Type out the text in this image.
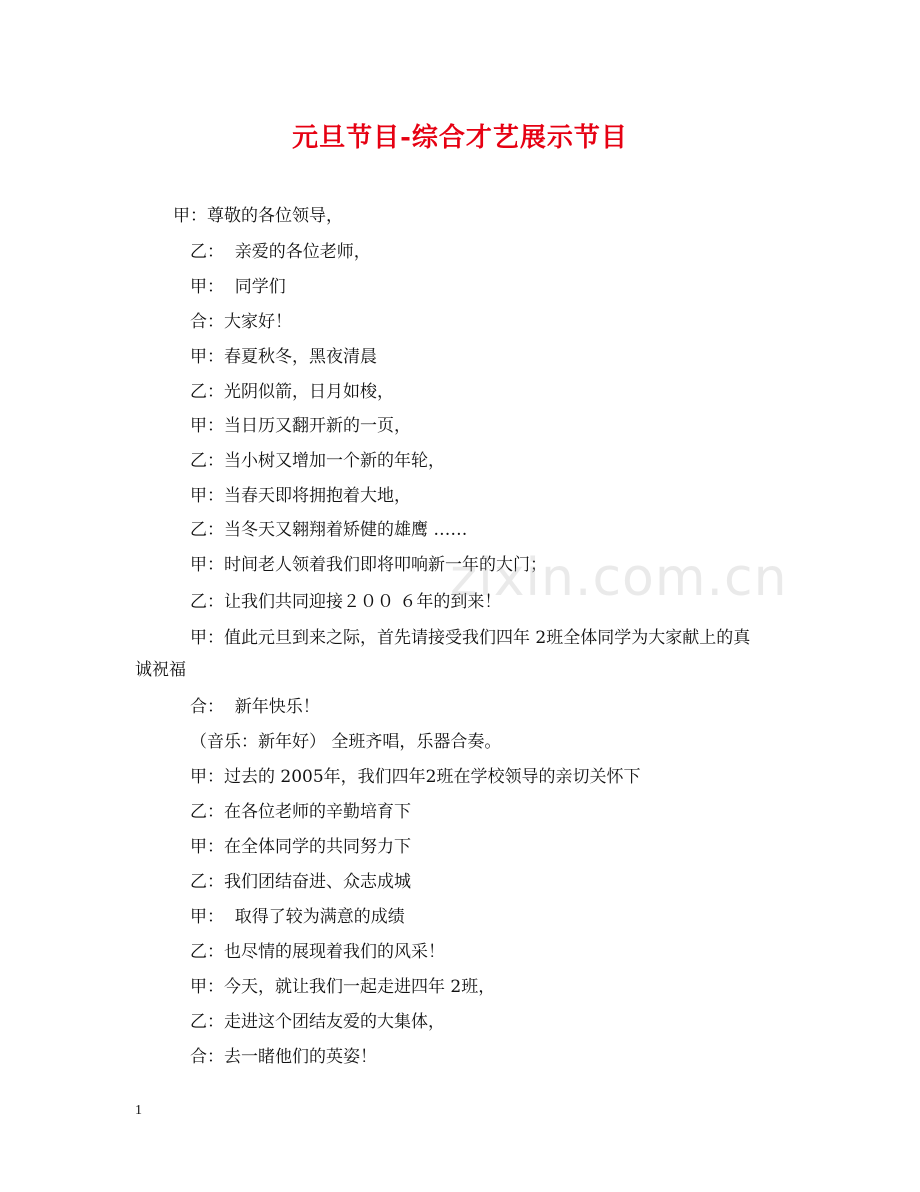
元旦节目-综合才艺展示节目
甲：尊敬的各位领导，
乙：  亲爱的各位老师，
甲：  同学们
合：大家好！
甲：春夏秋冬，黑夜清晨
乙：光阴似箭，日月如梭，
甲：当日历又翻开新的一页，
乙：当小树又增加一个新的年轮，
甲：当春天即将拥抱着大地，
乙：当冬天又翱翔着矫健的雄鹰 ……
甲：时间老人领着我们即将叩响新一年的大门；
乙：让我们共同迎接２００ ６年的到来！
甲：值此元旦到来之际，首先请接受我们四年 2班全体同学为大家献上的真
诚祝福
合：  新年快乐！
（音乐：新年好） 全班齐唱，乐器合奏。
甲：过去的 2005年，我们四年2班在学校领导的亲切关怀下
乙：在各位老师的辛勤培育下
甲：在全体同学的共同努力下
乙：我们团结奋进、众志成城
甲：  取得了较为满意的成绩
乙：也尽情的展现着我们的风采！
甲：今天，就让我们一起走进四年 2班，
乙：走进这个团结友爱的大集体，
合：去一睹他们的英姿！
zixin.com.cn
1
